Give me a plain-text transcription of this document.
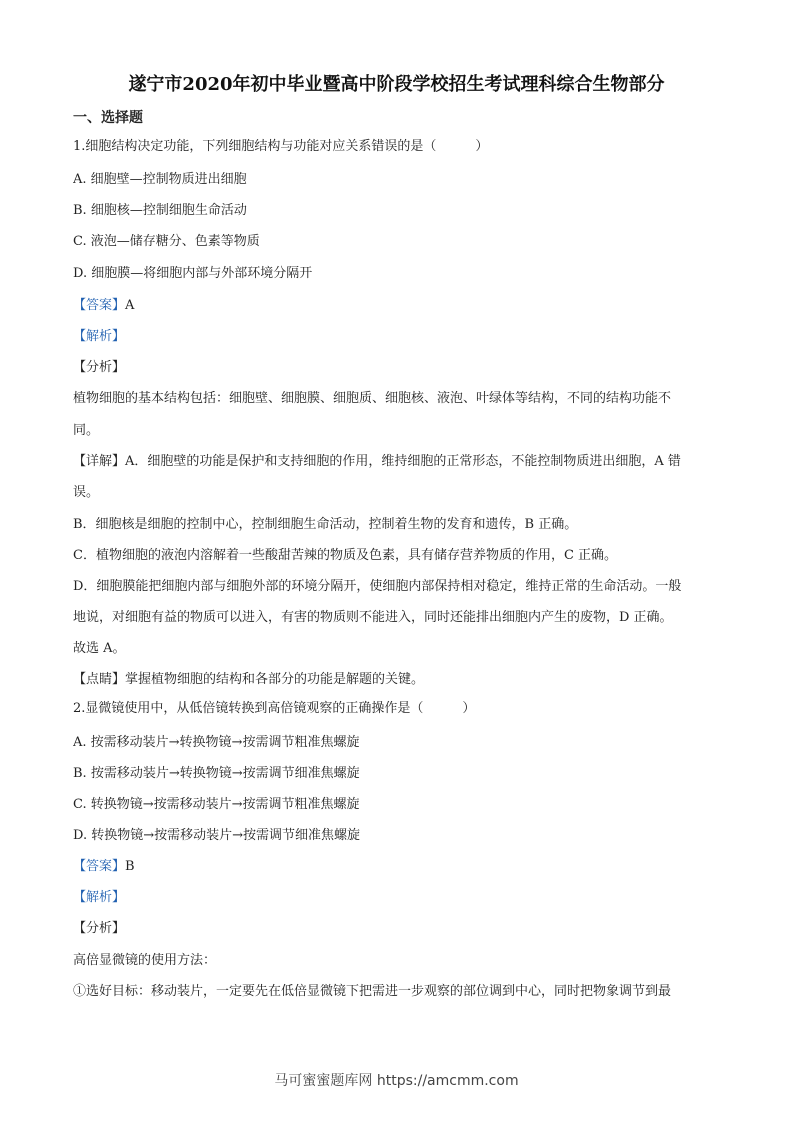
遂宁市2020年初中毕业暨高中阶段学校招生考试理科综合生物部分
一、选择题
1.细胞结构决定功能，下列细胞结构与功能对应关系错误的是（　　　）
A. 细胞壁—控制物质进出细胞
B. 细胞核—控制细胞生命活动
C. 液泡—储存糖分、色素等物质
D. 细胞膜—将细胞内部与外部环境分隔开
【答案】A
【解析】
【分析】
植物细胞的基本结构包括：细胞壁、细胞膜、细胞质、细胞核、液泡、叶绿体等结构，不同的结构功能不
同。
【详解】A．细胞壁的功能是保护和支持细胞的作用，维持细胞的正常形态，不能控制物质进出细胞，A 错
误。
B．细胞核是细胞的控制中心，控制细胞生命活动，控制着生物的发育和遗传，B 正确。
C．植物细胞的液泡内溶解着一些酸甜苦辣的物质及色素，具有储存营养物质的作用，C 正确。
D．细胞膜能把细胞内部与细胞外部的环境分隔开，使细胞内部保持相对稳定，维持正常的生命活动。一般
地说，对细胞有益的物质可以进入，有害的物质则不能进入，同时还能排出细胞内产生的废物，D 正确。
故选 A。
【点睛】掌握植物细胞的结构和各部分的功能是解题的关键。
2.显微镜使用中，从低倍镜转换到高倍镜观察的正确操作是（　　　）
A. 按需移动装片→转换物镜→按需调节粗准焦螺旋
B. 按需移动装片→转换物镜→按需调节细准焦螺旋
C. 转换物镜→按需移动装片→按需调节粗准焦螺旋
D. 转换物镜→按需移动装片→按需调节细准焦螺旋
【答案】B
【解析】
【分析】
高倍显微镜的使用方法：
①选好目标：移动装片，一定要先在低倍显微镜下把需进一步观察的部位调到中心，同时把物象调节到最
马可蜜蜜题库网 https://amcmm.com
